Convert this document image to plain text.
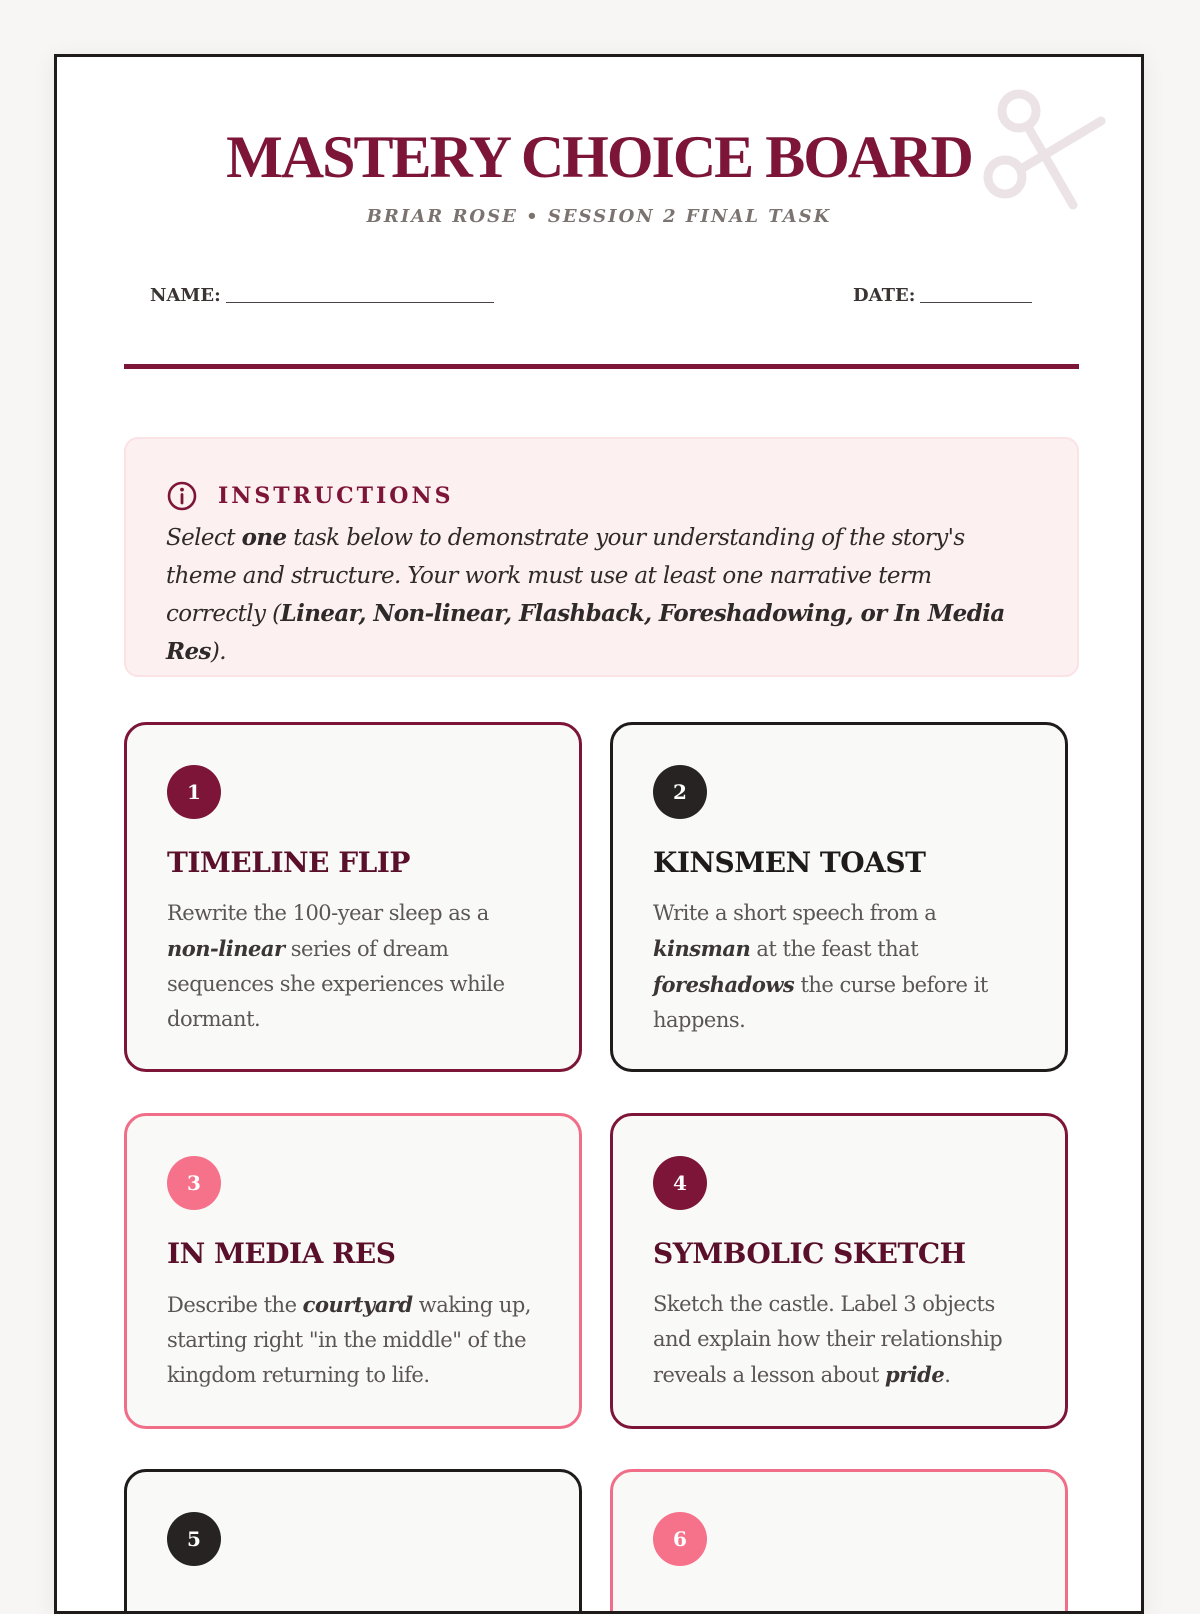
MASTERY CHOICE BOARD
BRIAR ROSE • SESSION 2 FINAL TASK
NAME:	DATE:
INSTRUCTIONS
Select one task below to demonstrate your understanding of the story's theme and structure. Your work must use at least one narrative term correctly (Linear, Non-linear, Flashback, Foreshadowing, or In Media Res).
1
TIMELINE FLIP
Rewrite the 100-year sleep as a non-linear series of dream sequences she experiences while dormant.
2
KINSMEN TOAST
Write a short speech from a kinsman at the feast that foreshadows the curse before it happens.
3
IN MEDIA RES
Describe the courtyard waking up, starting right "in the middle" of the kingdom returning to life.
4
SYMBOLIC SKETCH
Sketch the castle. Label 3 objects and explain how their relationship reveals a lesson about pride.
5	6
